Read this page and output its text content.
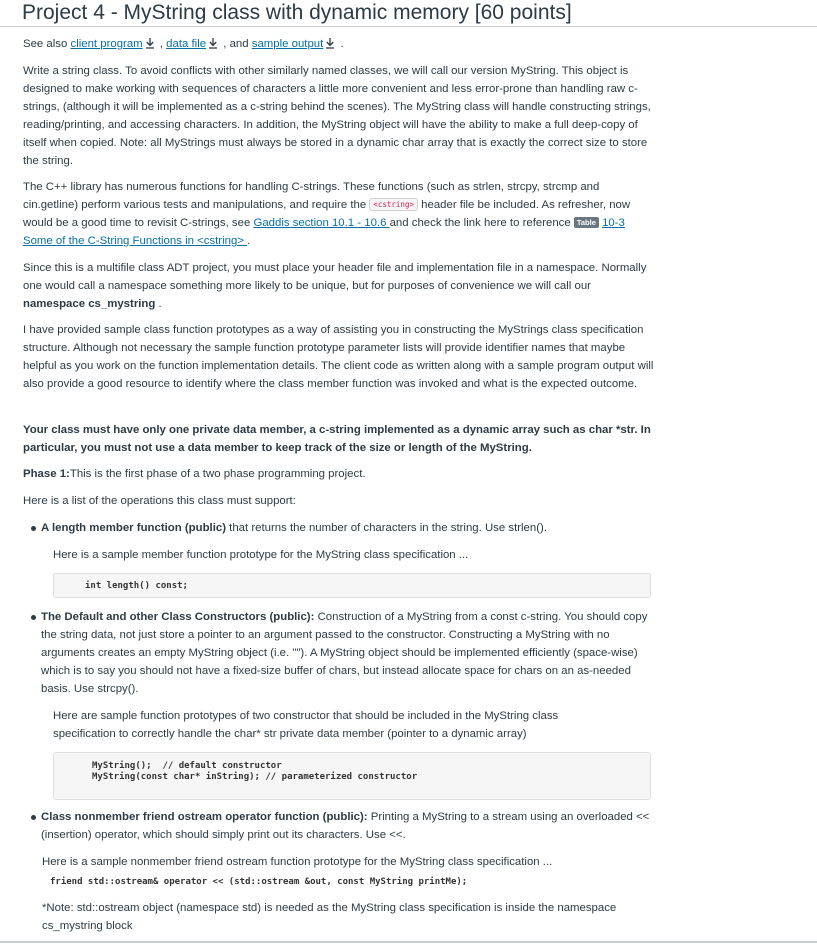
Project 4 - MyString class with dynamic memory [60 points]

See also client program
, data file
, and sample output
.

Write a string class. To avoid conflicts with other similarly named classes, we will call our version MyString. This object is designed to make working with sequences of characters a little more convenient and less error-prone than handling raw c-strings, (although it will be implemented as a c-string behind the scenes). The MyString class will handle constructing strings, reading/printing, and accessing characters. In addition, the MyString object will have the ability to make a full deep-copy of itself when copied. Note: all MyStrings must always be stored in a dynamic char array that is exactly the correct size to store the string.

The C++ library has numerous functions for handling C-strings. These functions (such as strlen, strcpy, strcmp and cin.getline) perform various tests and manipulations, and require the <cstring> header file be included. As refresher, now would be a good time to revisit C-strings, see Gaddis section 10.1 - 10.6 and check the link here to reference Table 10-3 Some of the C-String Functions in <cstring> .

Since this is a multifile class ADT project, you must place your header file and implementation file in a namespace. Normally one would call a namespace something more likely to be unique, but for purposes of convenience we will call our namespace cs_mystring .

I have provided sample class function prototypes as a way of assisting you in constructing the MyStrings class specification structure. Although not necessary the sample function prototype parameter lists will provide identifier names that maybe helpful as you work on the function implementation details. The client code as written along with a sample program output will also provide a good resource to identify where the class member function was invoked and what is the expected outcome.

Your class must have only one private data member, a c-string implemented as a dynamic array such as char *str. In particular, you must not use a data member to keep track of the size or length of the MyString.

Phase 1:This is the first phase of a two phase programming project.

Here is a list of the operations this class must support:

A length member function (public) that returns the number of characters in the string. Use strlen().

Here is a sample member function prototype for the MyString class specification ...

int length() const;

The Default and other Class Constructors (public): Construction of a MyString from a const c-string. You should copy the string data, not just store a pointer to an argument passed to the constructor. Constructing a MyString with no arguments creates an empty MyString object (i.e. ""). A MyString object should be implemented efficiently (space-wise) which is to say you should not have a fixed-size buffer of chars, but instead allocate space for chars on an as-needed basis. Use strcpy().

Here are sample function prototypes of two constructor that should be included in the MyString class specification to correctly handle the char* str private data member (pointer to a dynamic array)

MyString();  // default constructor
MyString(const char* inString); // parameterized constructor

Class nonmember friend ostream operator function (public): Printing a MyString to a stream using an overloaded << (insertion) operator, which should simply print out its characters. Use <<.

Here is a sample nonmember friend ostream function prototype for the MyString class specification ...

friend std::ostream& operator << (std::ostream &out, const MyString printMe);

*Note: std::ostream object (namespace std) is needed as the MyString class specification is inside the namespace cs_mystring block
